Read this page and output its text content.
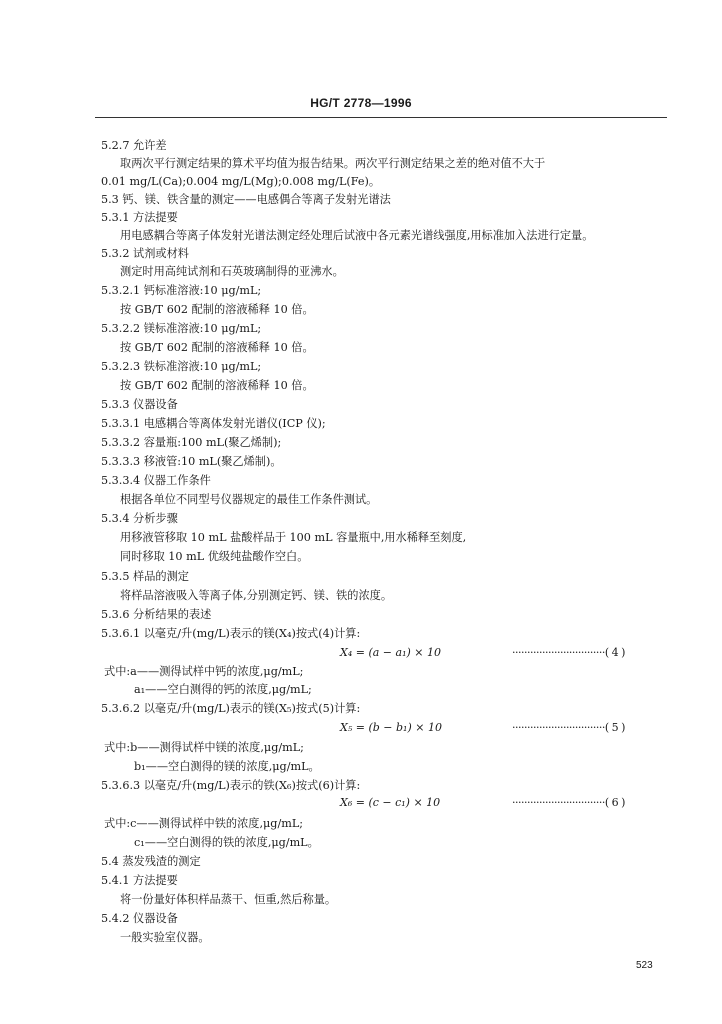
HG/T 2778—1996
5.2.7 允许差
取两次平行测定结果的算术平均值为报告结果。两次平行测定结果之差的绝对值不大于
0.01 mg/L(Ca);0.004 mg/L(Mg);0.008 mg/L(Fe)。
5.3 钙、镁、铁含量的测定——电感偶合等离子发射光谱法
5.3.1 方法提要
用电感耦合等离子体发射光谱法测定经处理后试液中各元素光谱线强度,用标准加入法进行定量。
5.3.2 试剂或材料
测定时用高纯试剂和石英玻璃制得的亚沸水。
5.3.2.1 钙标准溶液:10 μg/mL;
按 GB/T 602 配制的溶液稀释 10 倍。
5.3.2.2 镁标准溶液:10 μg/mL;
按 GB/T 602 配制的溶液稀释 10 倍。
5.3.2.3 铁标准溶液:10 μg/mL;
按 GB/T 602 配制的溶液稀释 10 倍。
5.3.3 仪器设备
5.3.3.1 电感耦合等离体发射光谱仪(ICP 仪);
5.3.3.2 容量瓶:100 mL(聚乙烯制);
5.3.3.3 移液管:10 mL(聚乙烯制)。
5.3.3.4 仪器工作条件
根据各单位不同型号仪器规定的最佳工作条件测试。
5.3.4 分析步骤
用移液管移取 10 mL 盐酸样品于 100 mL 容量瓶中,用水稀释至刻度,
同时移取 10 mL 优级纯盐酸作空白。
5.3.5 样品的测定
将样品溶液吸入等离子体,分别测定钙、镁、铁的浓度。
5.3.6 分析结果的表述
5.3.6.1 以毫克/升(mg/L)表示的镁(X₄)按式(4)计算:
X₄ = (a − a₁) × 10	·······························( 4 )
式中:a——测得试样中钙的浓度,μg/mL;
a₁——空白测得的钙的浓度,μg/mL;
5.3.6.2 以毫克/升(mg/L)表示的镁(X₅)按式(5)计算:
X₅ = (b − b₁) × 10	·······························( 5 )
式中:b——测得试样中镁的浓度,μg/mL;
b₁——空白测得的镁的浓度,μg/mL。
5.3.6.3 以毫克/升(mg/L)表示的铁(X₆)按式(6)计算:
X₆ = (c − c₁) × 10	·······························( 6 )
式中:c——测得试样中铁的浓度,μg/mL;
c₁——空白测得的铁的浓度,μg/mL。
5.4 蒸发残渣的测定
5.4.1 方法提要
将一份量好体积样品蒸干、恒重,然后称量。
5.4.2 仪器设备
一般实验室仪器。
523
